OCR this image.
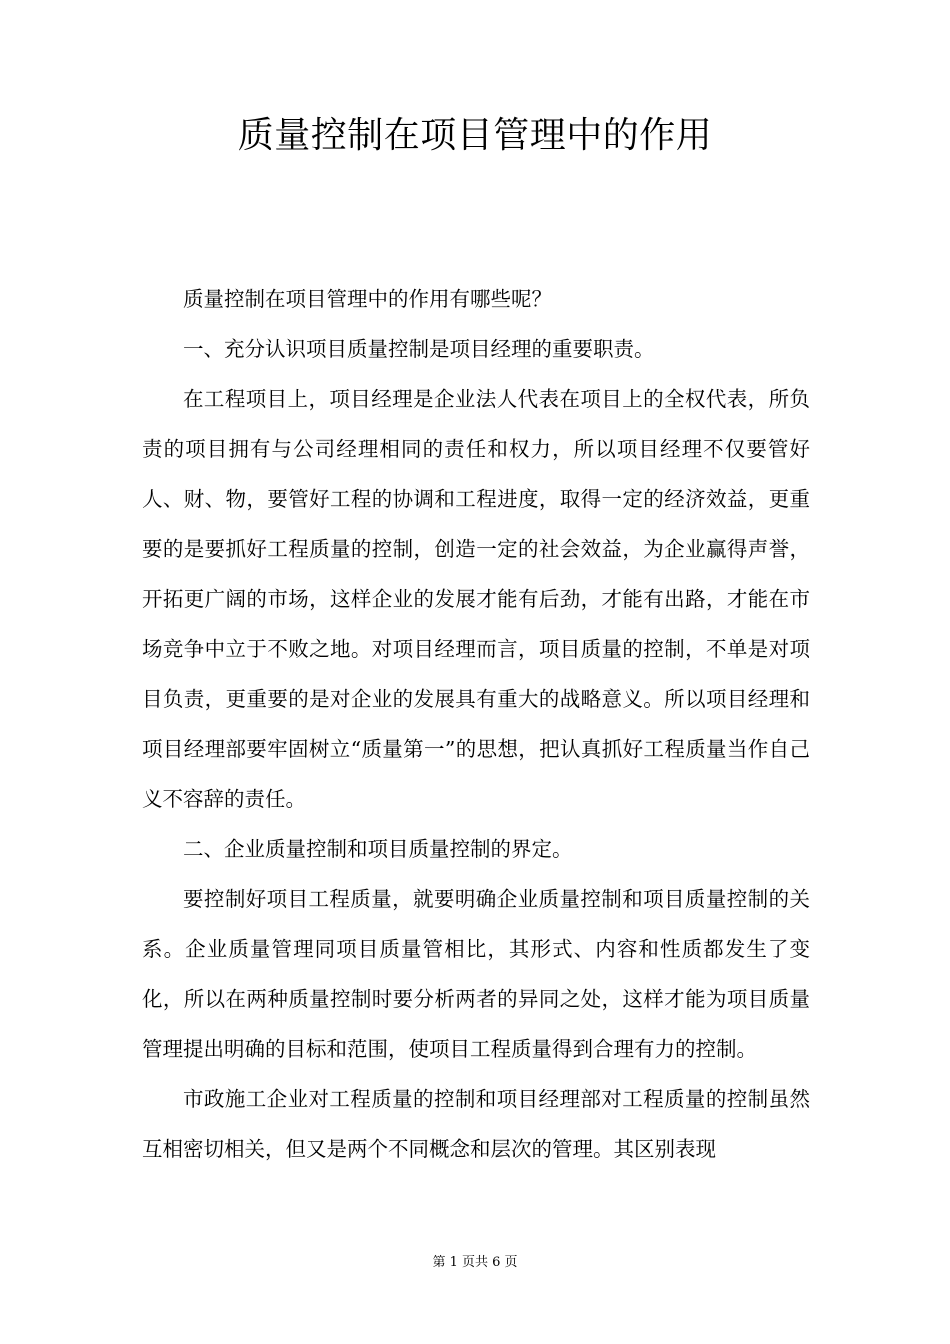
质量控制在项目管理中的作用

质量控制在项目管理中的作用有哪些呢？

一、充分认识项目质量控制是项目经理的重要职责。

在工程项目上，项目经理是企业法人代表在项目上的全权代表，所负责的项目拥有与公司经理相同的责任和权力，所以项目经理不仅要管好人、财、物，要管好工程的协调和工程进度，取得一定的经济效益，更重要的是要抓好工程质量的控制，创造一定的社会效益，为企业赢得声誉，开拓更广阔的市场，这样企业的发展才能有后劲，才能有出路，才能在市场竞争中立于不败之地。对项目经理而言，项目质量的控制，不单是对项目负责，更重要的是对企业的发展具有重大的战略意义。所以项目经理和项目经理部要牢固树立“质量第一”的思想，把认真抓好工程质量当作自己义不容辞的责任。

二、企业质量控制和项目质量控制的界定。

要控制好项目工程质量，就要明确企业质量控制和项目质量控制的关系。企业质量管理同项目质量管相比，其形式、内容和性质都发生了变化，所以在两种质量控制时要分析两者的异同之处，这样才能为项目质量管理提出明确的目标和范围，使项目工程质量得到合理有力的控制。

市政施工企业对工程质量的控制和项目经理部对工程质量的控制虽然互相密切相关，但又是两个不同概念和层次的管理。其区别表现

第 1 页共 6 页
